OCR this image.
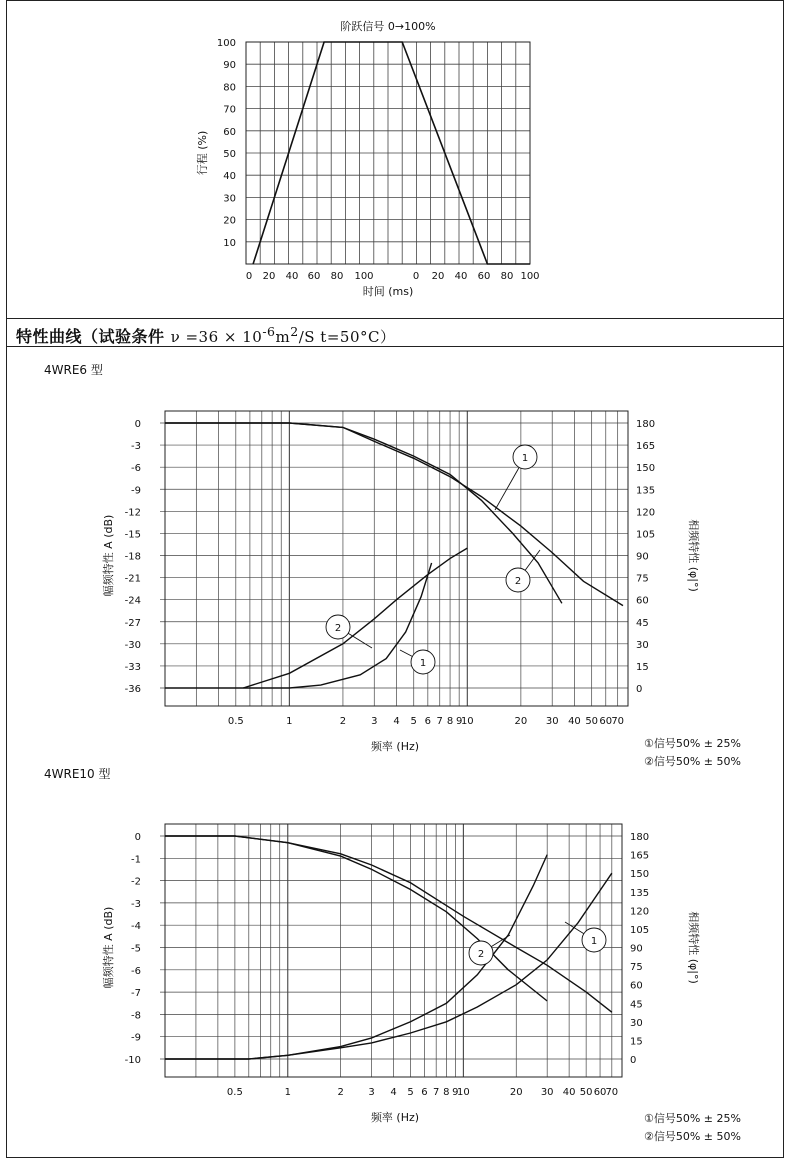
10
20
30
40
50
60
70
80
90
100
0 20 40 60 80 100	0 20 40 60 80 100
阶跃信号 0→100%
时间 (ms)
行程 (%)
特性曲线（试验条件 $\nu =36 \times 10^{-6}m^2/S$ t=50°C）
4WRE6 型
0
-3
-6
-9
-12
-15
-18
-21
-24
-27
-30
-33
-36
180
165
150
135
120
105
90
75
60
45
30
15
0
0.5	1	2 3 4 5 6 7 8 9
10	20 30 40 50 60 70
频率 (Hz)
幅频特性 A (dB)	相频特性 (φ|°)
1
2
2
1
①信号50% ± 25%
②信号50% ± 50%
4WRE10 型
0
-1
-2
-3
-4
-5
-6
-7
-8
-9
-10
180
165
150
135
120
105
90
75
60
45
30
15
0
0.5	1	2 3 4 5 6 7 8 9
10	20 30 40 50 60 70
频率 (Hz)
幅频特性 A (dB)	相频特性 (φ|°)
2
1
①信号50% ± 25%
②信号50% ± 50%
